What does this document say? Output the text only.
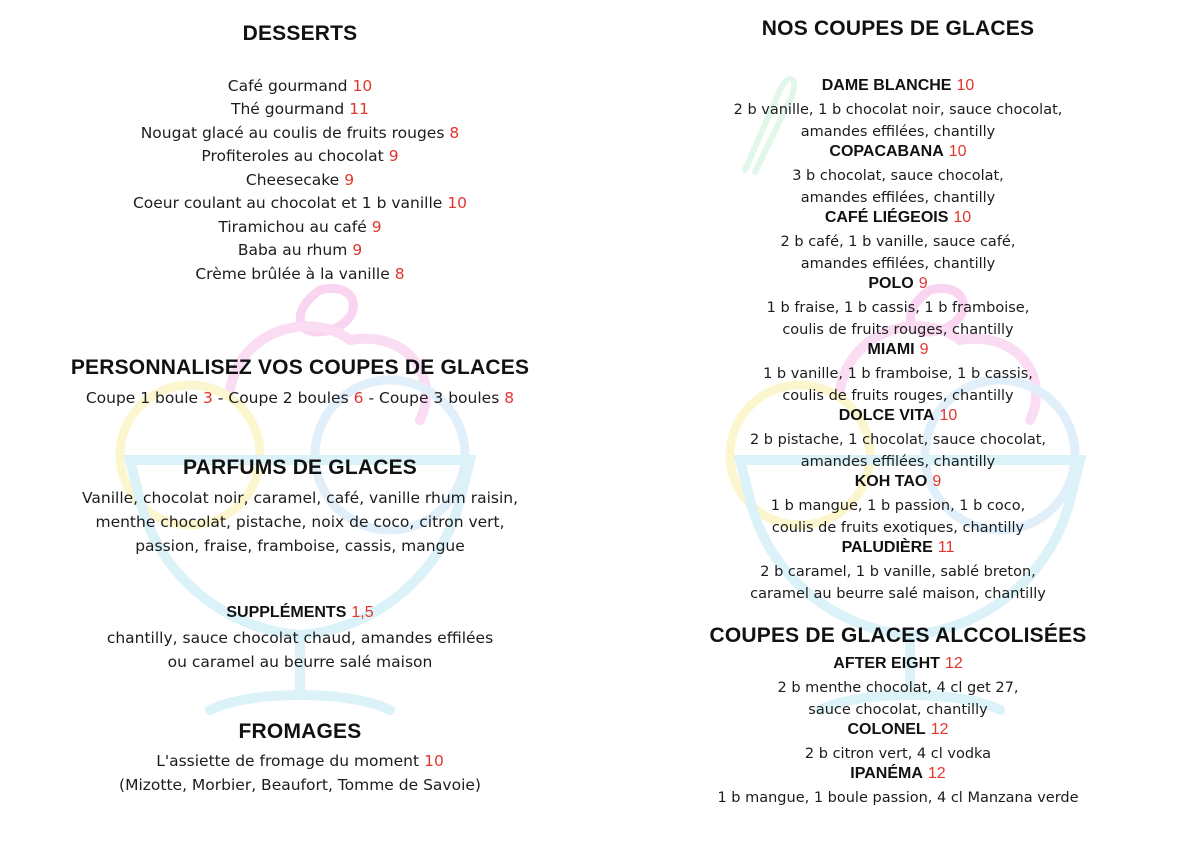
DESSERTS
Café gourmand 10
Thé gourmand 11
Nougat glacé au coulis de fruits rouges 8
Profiteroles au chocolat 9
Cheesecake 9
Coeur coulant au chocolat et 1 b vanille 10
Tiramichou au café 9
Baba au rhum 9
Crème brûlée à la vanille 8
PERSONNALISEZ VOS COUPES DE GLACES
Coupe 1 boule 3 - Coupe 2 boules 6 - Coupe 3 boules 8
PARFUMS DE GLACES
Vanille, chocolat noir, caramel, café, vanille rhum raisin,
menthe chocolat, pistache, noix de coco, citron vert,
passion, fraise, framboise, cassis, mangue
SUPPLÉMENTS 1,5
chantilly, sauce chocolat chaud, amandes effilées
ou caramel au beurre salé maison
FROMAGES
L'assiette de fromage du moment 10
(Mizotte, Morbier, Beaufort, Tomme de Savoie)
NOS COUPES DE GLACES
DAME BLANCHE 10
2 b vanille, 1 b chocolat noir, sauce chocolat,
amandes effilées, chantilly
COPACABANA 10
3 b chocolat, sauce chocolat,
amandes effilées, chantilly
CAFÉ LIÉGEOIS 10
2 b café, 1 b vanille, sauce café,
amandes effilées, chantilly
POLO 9
1 b fraise, 1 b cassis, 1 b framboise,
coulis de fruits rouges, chantilly
MIAMI 9
1 b vanille, 1 b framboise, 1 b cassis,
coulis de fruits rouges, chantilly
DOLCE VITA 10
2 b pistache, 1 chocolat, sauce chocolat,
amandes effilées, chantilly
KOH TAO 9
1 b mangue, 1 b passion, 1 b coco,
coulis de fruits exotiques, chantilly
PALUDIÈRE 11
2 b caramel, 1 b vanille, sablé breton,
caramel au beurre salé maison, chantilly
COUPES DE GLACES ALCCOLISÉES
AFTER EIGHT 12
2 b menthe chocolat, 4 cl get 27,
sauce chocolat, chantilly
COLONEL 12
2 b citron vert, 4 cl vodka
IPANÉMA 12
1 b mangue, 1 boule passion, 4 cl Manzana verde
